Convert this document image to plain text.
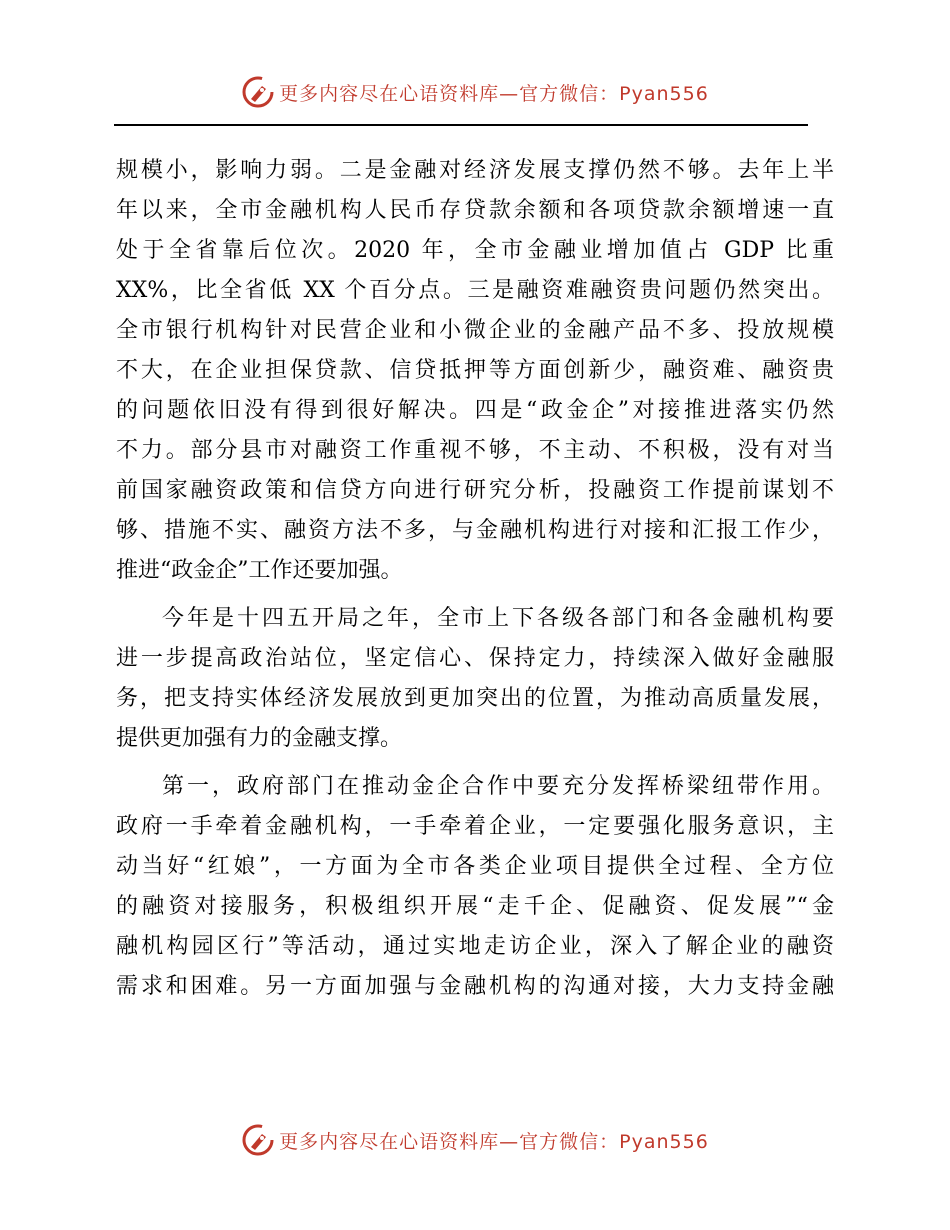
更多内容尽在心语资料库—官方微信：Pyan556
规模小，影响力弱。二是金融对经济发展支撑仍然不够。去年上半
年以来，全市金融机构人民币存贷款余额和各项贷款余额增速一直
处于全省靠后位次。2020 年，全市金融业增加值占 GDP 比重
XX%，比全省低 XX 个百分点。三是融资难融资贵问题仍然突出。
全市银行机构针对民营企业和小微企业的金融产品不多、投放规模
不大，在企业担保贷款、信贷抵押等方面创新少，融资难、融资贵
的问题依旧没有得到很好解决。四是“政金企”对接推进落实仍然
不力。部分县市对融资工作重视不够，不主动、不积极，没有对当
前国家融资政策和信贷方向进行研究分析，投融资工作提前谋划不
够、措施不实、融资方法不多，与金融机构进行对接和汇报工作少，
推进“政金企”工作还要加强。
今年是十四五开局之年，全市上下各级各部门和各金融机构要
进一步提高政治站位，坚定信心、保持定力，持续深入做好金融服
务，把支持实体经济发展放到更加突出的位置，为推动高质量发展，
提供更加强有力的金融支撑。
第一，政府部门在推动金企合作中要充分发挥桥梁纽带作用。
政府一手牵着金融机构，一手牵着企业，一定要强化服务意识，主
动当好“红娘”，一方面为全市各类企业项目提供全过程、全方位
的融资对接服务，积极组织开展“走千企、促融资、促发展”“金
融机构园区行”等活动，通过实地走访企业，深入了解企业的融资
需求和困难。另一方面加强与金融机构的沟通对接，大力支持金融
更多内容尽在心语资料库—官方微信：Pyan556
